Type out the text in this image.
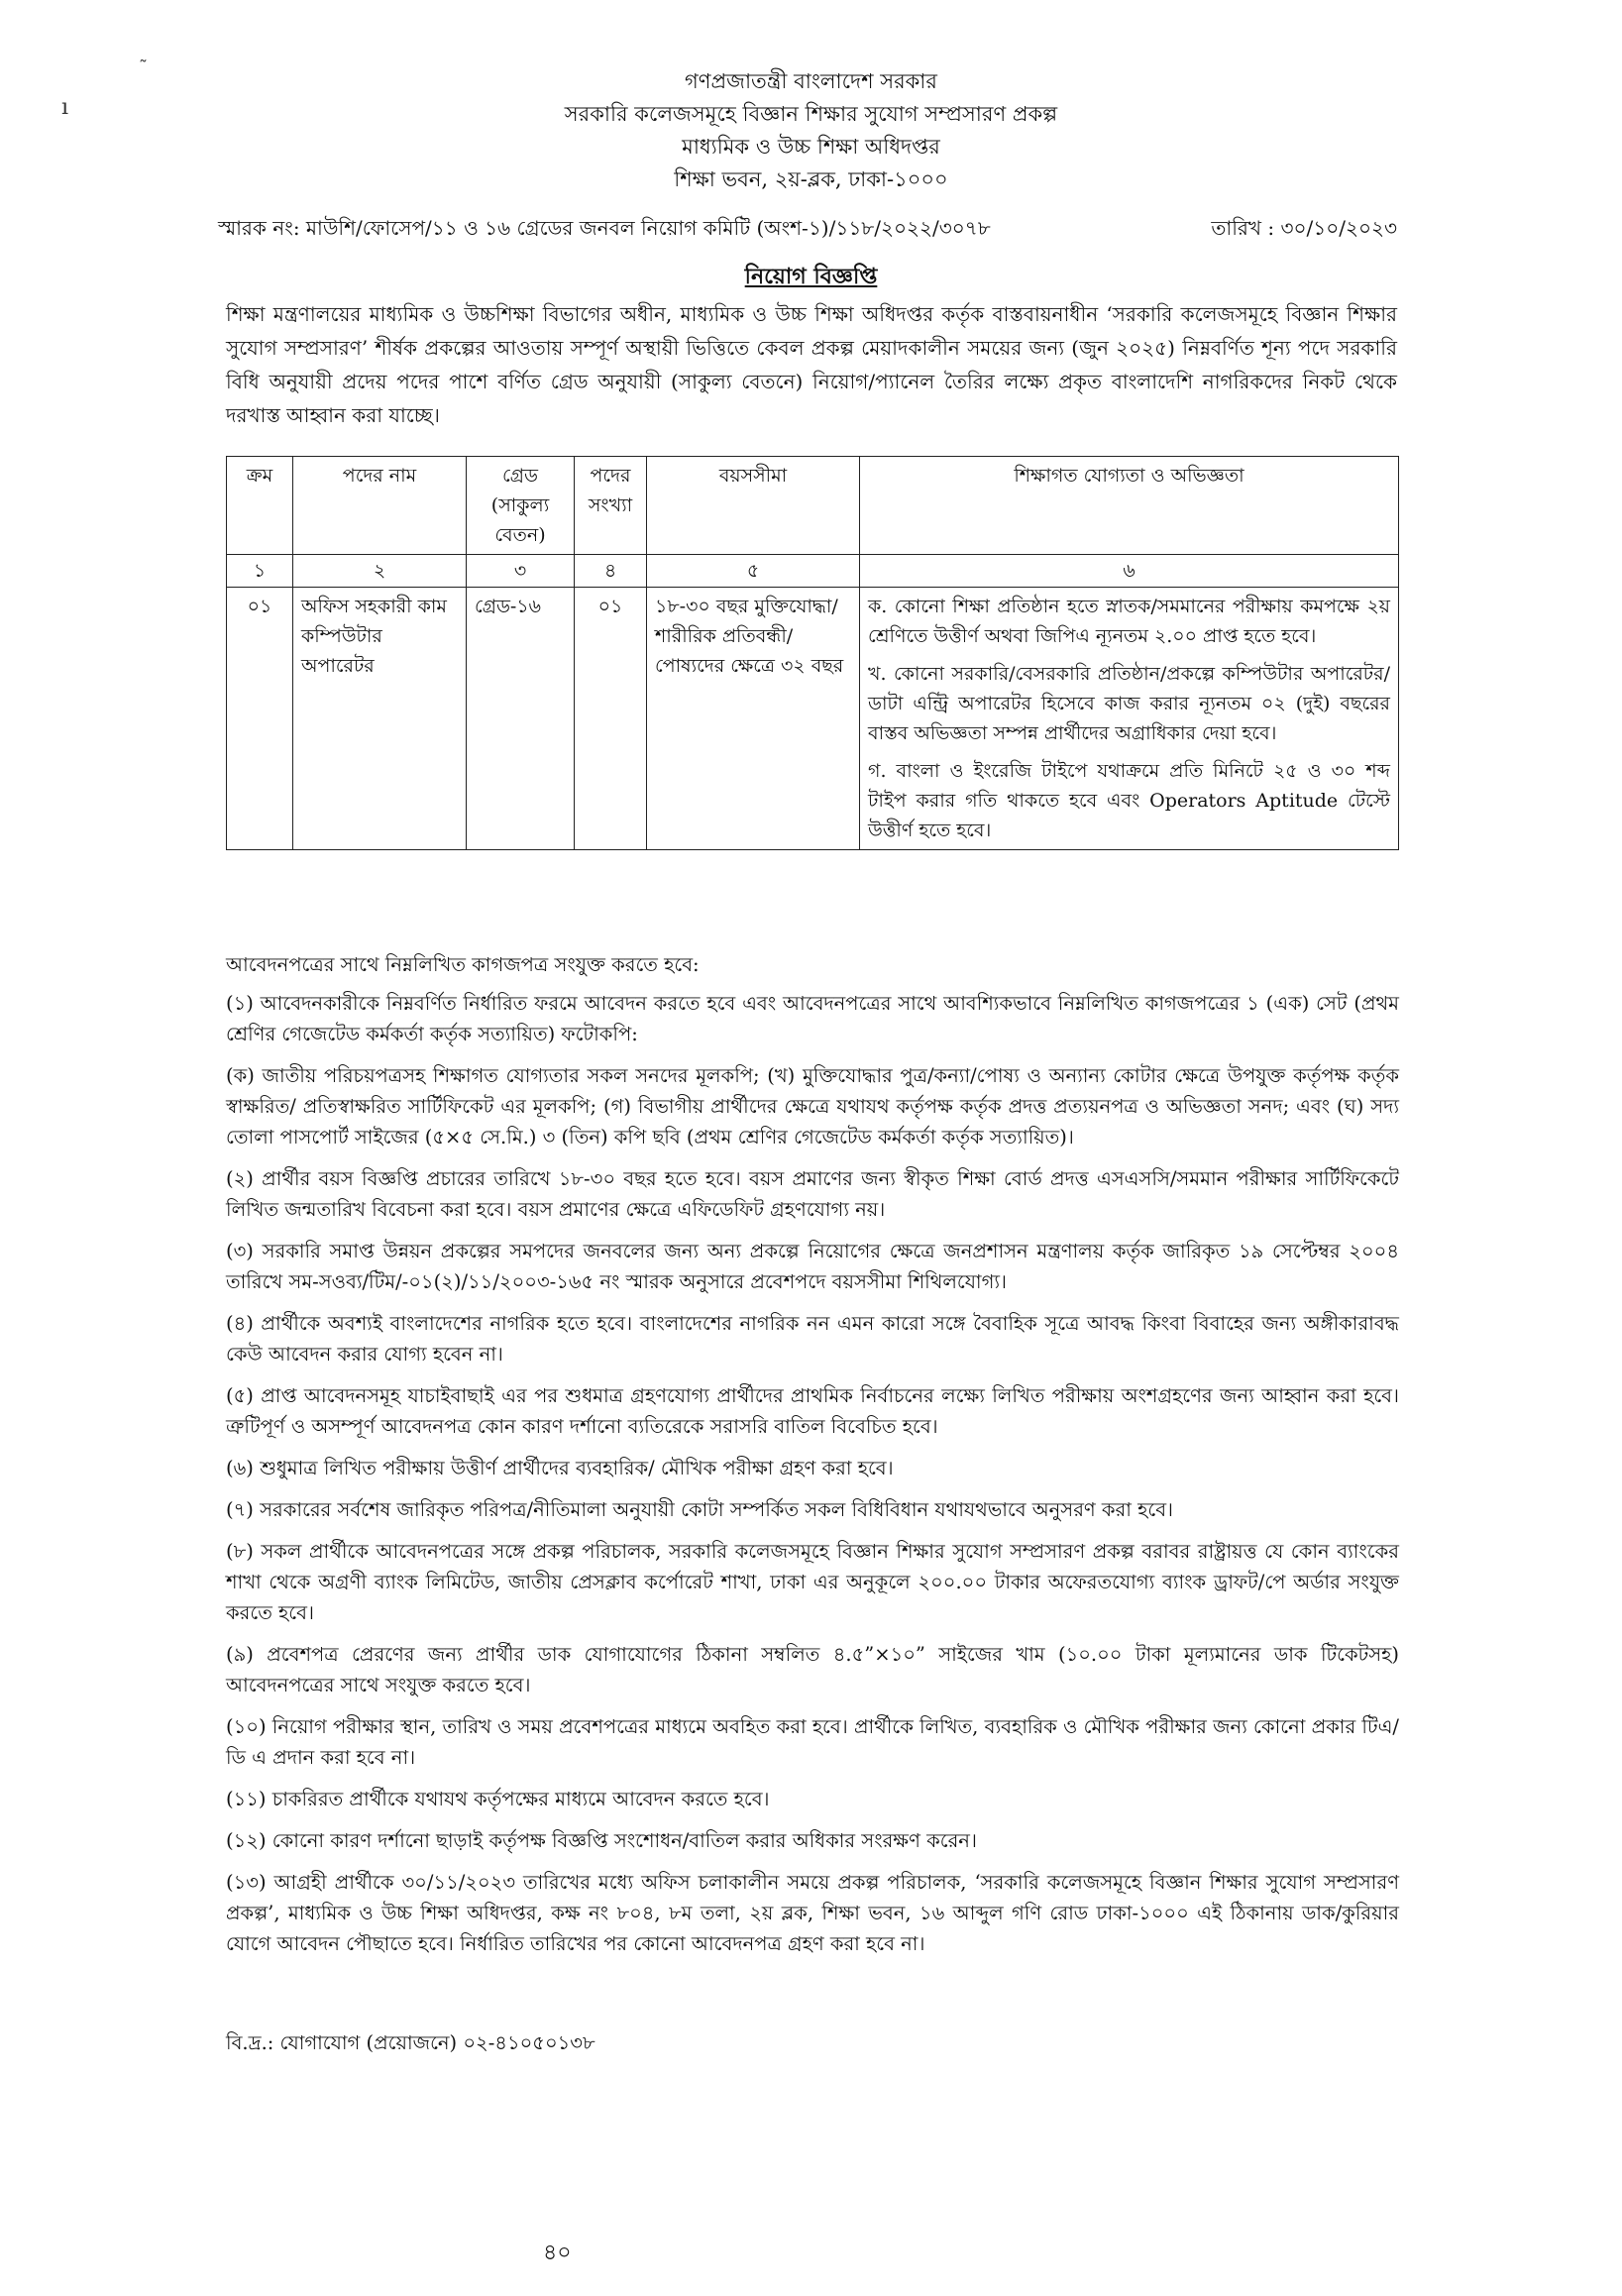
˜
ı
গণপ্রজাতন্ত্রী বাংলাদেশ সরকার
সরকারি কলেজসমূহে বিজ্ঞান শিক্ষার সুযোগ সম্প্রসারণ প্রকল্প
মাধ্যমিক ও উচ্চ শিক্ষা অধিদপ্তর
শিক্ষা ভবন, ২য়-ব্লক, ঢাকা-১০০০
স্মারক নং: মাউশি/ফোসেপ/১১ ও ১৬ গ্রেডের জনবল নিয়োগ কমিটি (অংশ-১)/১১৮/২০২২/৩০৭৮	তারিখ : ৩০/১০/২০২৩
নিয়োগ বিজ্ঞপ্তি
শিক্ষা মন্ত্রণালয়ের মাধ্যমিক ও উচ্চশিক্ষা বিভাগের অধীন, মাধ্যমিক ও উচ্চ শিক্ষা অধিদপ্তর কর্তৃক বাস্তবায়নাধীন ‘সরকারি কলেজসমূহে বিজ্ঞান শিক্ষার সুযোগ সম্প্রসারণ’ শীর্ষক প্রকল্পের আওতায় সম্পূর্ণ অস্থায়ী ভিত্তিতে কেবল প্রকল্প মেয়াদকালীন সময়ের জন্য (জুন ২০২৫) নিম্নবর্ণিত শূন্য পদে সরকারি বিধি অনুযায়ী প্রদেয় পদের পাশে বর্ণিত গ্রেড অনুযায়ী (সাকুল্য বেতনে) নিয়োগ/প্যানেল তৈরির লক্ষ্যে প্রকৃত বাংলাদেশি নাগরিকদের নিকট থেকে দরখাস্ত আহ্বান করা যাচ্ছে।
ক্রম	পদের নাম	গ্রেড (সাকুল্য বেতন)	পদের সংখ্যা	বয়সসীমা	শিক্ষাগত যোগ্যতা ও অভিজ্ঞতা
১	২	৩	৪	৫	৬
০১	অফিস সহকারী কাম কম্পিউটার অপারেটর	গ্রেড-১৬	০১	১৮-৩০ বছর মুক্তিযোদ্ধা/শারীরিক প্রতিবন্ধী/পোষ্যদের ক্ষেত্রে ৩২ বছর	ক. কোনো শিক্ষা প্রতিষ্ঠান হতে স্নাতক/সমমানের পরীক্ষায় কমপক্ষে ২য় শ্রেণিতে উত্তীর্ণ অথবা জিপিএ ন্যূনতম ২.০০ প্রাপ্ত হতে হবে।

খ. কোনো সরকারি/বেসরকারি প্রতিষ্ঠান/প্রকল্পে কম্পিউটার অপারেটর/ডাটা এন্ট্রি অপারেটর হিসেবে কাজ করার ন্যূনতম ০২ (দুই) বছরের বাস্তব অভিজ্ঞতা সম্পন্ন প্রার্থীদের অগ্রাধিকার দেয়া হবে।

গ. বাংলা ও ইংরেজি টাইপে যথাক্রমে প্রতি মিনিটে ২৫ ও ৩০ শব্দ টাইপ করার গতি থাকতে হবে এবং Operators Aptitude টেস্টে উত্তীর্ণ হতে হবে।

আবেদনপত্রের সাথে নিম্নলিখিত কাগজপত্র সংযুক্ত করতে হবে:

(১) আবেদনকারীকে নিম্নবর্ণিত নির্ধারিত ফরমে আবেদন করতে হবে এবং আবেদনপত্রের সাথে আবশ্যিকভাবে নিম্নলিখিত কাগজপত্রের ১ (এক) সেট (প্রথম শ্রেণির গেজেটেড কর্মকর্তা কর্তৃক সত্যায়িত) ফটোকপি:

(ক) জাতীয় পরিচয়পত্রসহ শিক্ষাগত যোগ্যতার সকল সনদের মূলকপি; (খ) মুক্তিযোদ্ধার পুত্র/কন্যা/পোষ্য ও অন্যান্য কোটার ক্ষেত্রে উপযুক্ত কর্তৃপক্ষ কর্তৃক স্বাক্ষরিত/ প্রতিস্বাক্ষরিত সার্টিফিকেট এর মূলকপি; (গ) বিভাগীয় প্রার্থীদের ক্ষেত্রে যথাযথ কর্তৃপক্ষ কর্তৃক প্রদত্ত প্রত্যয়নপত্র ও অভিজ্ঞতা সনদ; এবং (ঘ) সদ্য তোলা পাসপোর্ট সাইজের (৫×৫ সে.মি.) ৩ (তিন) কপি ছবি (প্রথম শ্রেণির গেজেটেড কর্মকর্তা কর্তৃক সত্যায়িত)।

(২) প্রার্থীর বয়স বিজ্ঞপ্তি প্রচারের তারিখে ১৮-৩০ বছর হতে হবে। বয়স প্রমাণের জন্য স্বীকৃত শিক্ষা বোর্ড প্রদত্ত এসএসসি/সমমান পরীক্ষার সার্টিফিকেটে লিখিত জন্মতারিখ বিবেচনা করা হবে। বয়স প্রমাণের ক্ষেত্রে এফিডেফিট গ্রহণযোগ্য নয়।

(৩) সরকারি সমাপ্ত উন্নয়ন প্রকল্পের সমপদের জনবলের জন্য অন্য প্রকল্পে নিয়োগের ক্ষেত্রে জনপ্রশাসন মন্ত্রণালয় কর্তৃক জারিকৃত ১৯ সেপ্টেম্বর ২০০৪ তারিখে সম-সওব্য/টিম/-০১(২)/১১/২০০৩-১৬৫ নং স্মারক অনুসারে প্রবেশপদে বয়সসীমা শিথিলযোগ্য।

(৪) প্রার্থীকে অবশ্যই বাংলাদেশের নাগরিক হতে হবে। বাংলাদেশের নাগরিক নন এমন কারো সঙ্গে বৈবাহিক সূত্রে আবদ্ধ কিংবা বিবাহের জন্য অঙ্গীকারাবদ্ধ কেউ আবেদন করার যোগ্য হবেন না।

(৫) প্রাপ্ত আবেদনসমূহ যাচাইবাছাই এর পর শুধমাত্র গ্রহণযোগ্য প্রার্থীদের প্রাথমিক নির্বাচনের লক্ষ্যে লিখিত পরীক্ষায় অংশগ্রহণের জন্য আহ্বান করা হবে। ত্রুটিপূর্ণ ও অসম্পূর্ণ আবেদনপত্র কোন কারণ দর্শানো ব্যতিরেকে সরাসরি বাতিল বিবেচিত হবে।

(৬) শুধুমাত্র লিখিত পরীক্ষায় উত্তীর্ণ প্রার্থীদের ব্যবহারিক/ মৌখিক পরীক্ষা গ্রহণ করা হবে।

(৭) সরকারের সর্বশেষ জারিকৃত পরিপত্র/নীতিমালা অনুযায়ী কোটা সম্পর্কিত সকল বিধিবিধান যথাযথভাবে অনুসরণ করা হবে।

(৮) সকল প্রার্থীকে আবেদনপত্রের সঙ্গে প্রকল্প পরিচালক, সরকারি কলেজসমূহে বিজ্ঞান শিক্ষার সুযোগ সম্প্রসারণ প্রকল্প বরাবর রাষ্ট্রায়ত্ত যে কোন ব্যাংকের শাখা থেকে অগ্রণী ব্যাংক লিমিটেড, জাতীয় প্রেসক্লাব কর্পোরেট শাখা, ঢাকা এর অনুকূলে ২০০.০০ টাকার অফেরতযোগ্য ব্যাংক ড্রাফট/পে অর্ডার সংযুক্ত করতে হবে।

(৯) প্রবেশপত্র প্রেরণের জন্য প্রার্থীর ডাক যোগাযোগের ঠিকানা সম্বলিত ৪.৫”×১০” সাইজের খাম (১০.০০ টাকা মূল্যমানের ডাক টিকেটসহ) আবেদনপত্রের সাথে সংযুক্ত করতে হবে।

(১০) নিয়োগ পরীক্ষার স্থান, তারিখ ও সময় প্রবেশপত্রের মাধ্যমে অবহিত করা হবে। প্রার্থীকে লিখিত, ব্যবহারিক ও মৌখিক পরীক্ষার জন্য কোনো প্রকার টিএ/ডি এ প্রদান করা হবে না।

(১১) চাকরিরত প্রার্থীকে যথাযথ কর্তৃপক্ষের মাধ্যমে আবেদন করতে হবে।

(১২) কোনো কারণ দর্শানো ছাড়াই কর্তৃপক্ষ বিজ্ঞপ্তি সংশোধন/বাতিল করার অধিকার সংরক্ষণ করেন।

(১৩) আগ্রহী প্রার্থীকে ৩০/১১/২০২৩ তারিখের মধ্যে অফিস চলাকালীন সময়ে প্রকল্প পরিচালক, ‘সরকারি কলেজসমূহে বিজ্ঞান শিক্ষার সুযোগ সম্প্রসারণ প্রকল্প’, মাধ্যমিক ও উচ্চ শিক্ষা অধিদপ্তর, কক্ষ নং ৮০৪, ৮ম তলা, ২য় ব্লক, শিক্ষা ভবন, ১৬ আব্দুল গণি রোড ঢাকা-১০০০ এই ঠিকানায় ডাক/কুরিয়ার যোগে আবেদন পৌছাতে হবে। নির্ধারিত তারিখের পর কোনো আবেদনপত্র গ্রহণ করা হবে না।

বি.দ্র.: যোগাযোগ (প্রয়োজনে) ০২-৪১০৫০১৩৮
৪০
